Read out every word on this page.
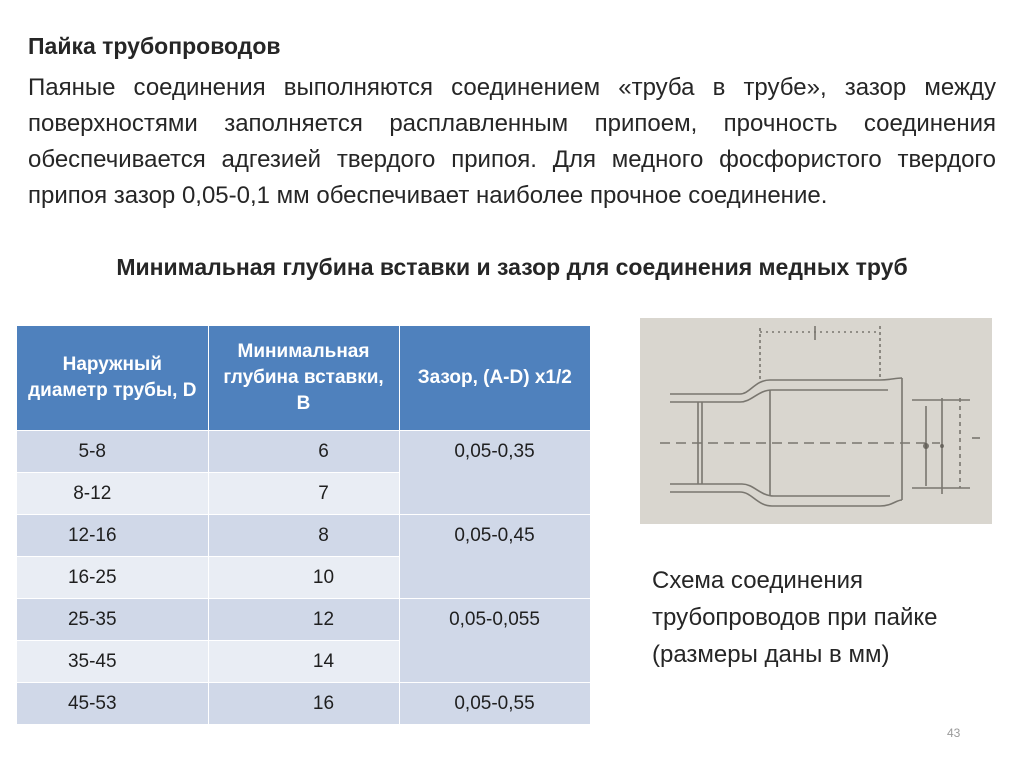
Пайка трубопроводов

Паяные соединения выполняются соединением «труба в трубе», зазор между поверхностями заполняется расплавленным припоем, прочность соединения обеспечивается адгезией твердого припоя. Для медного фосфористого твердого припоя зазор 0,05-0,1 мм обеспечивает наиболее прочное соединение.

Минимальная глубина вставки и зазор для соединения медных труб
Наружный диаметр трубы, D	Минимальная глубина вставки, B	Зазор, (A-D) x1/2
5-8	6	0,05-0,35
8-12	7	
12-16	8	0,05-0,45
16-25	10	
25-35	12	0,05-0,055
35-45	14	
45-53	16	0,05-0,55
Схема соединения трубопроводов при пайке (размеры даны в мм)
43
